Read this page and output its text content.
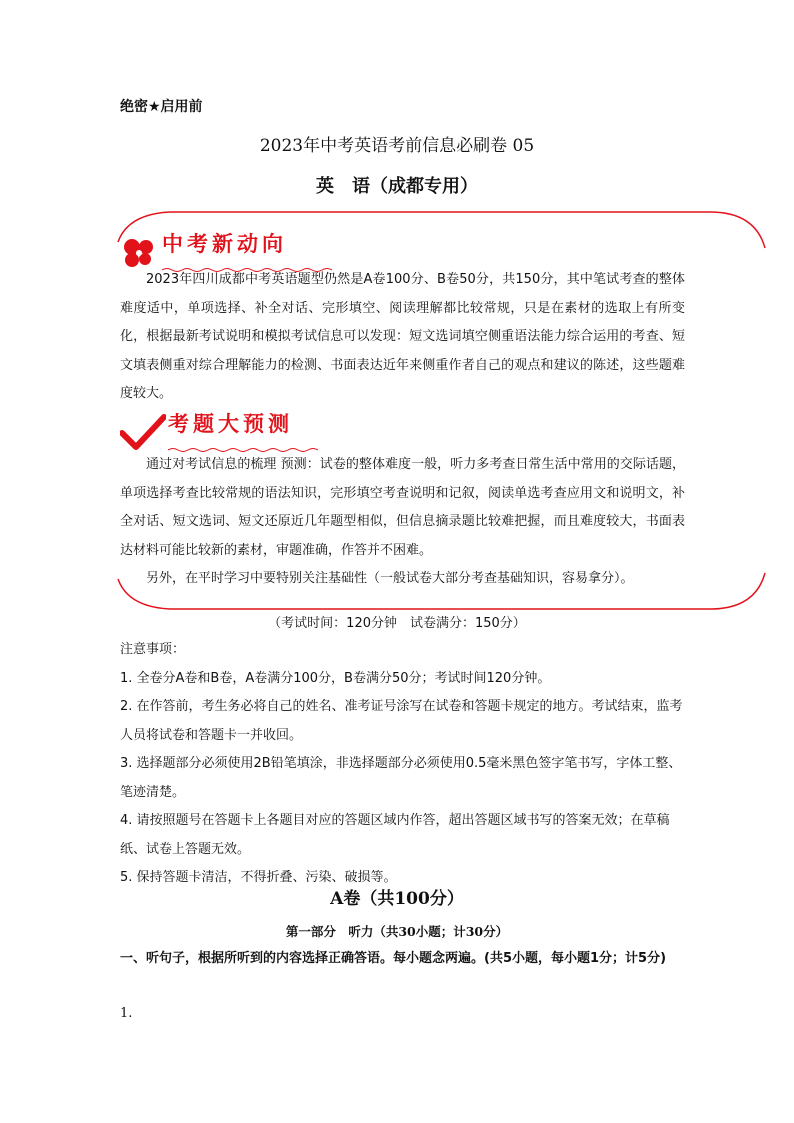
绝密★启用前
2023年中考英语考前信息必刷卷 05
英　语（成都专用）
中考新动向

2023年四川成都中考英语题型仍然是A卷100分、B卷50分，共150分，其中笔试考查的整体难度适中，单项选择、补全对话、完形填空、阅读理解都比较常规，只是在素材的选取上有所变化，根据最新考试说明和模拟考试信息可以发现：短文选词填空侧重语法能力综合运用的考查、短文填表侧重对综合理解能力的检测、书面表达近年来侧重作者自己的观点和建议的陈述，这些题难度较大。

考题大预测

通过对考试信息的梳理 预测：试卷的整体难度一般，听力多考查日常生活中常用的交际话题，单项选择考查比较常规的语法知识，完形填空考查说明和记叙，阅读单选考查应用文和说明文，补全对话、短文选词、短文还原近几年题型相似，但信息摘录题比较难把握，而且难度较大，书面表达材料可能比较新的素材，审题准确，作答并不困难。

另外，在平时学习中要特别关注基础性（一般试卷大部分考查基础知识，容易拿分）。

（考试时间：120分钟　试卷满分：150分）
注意事项：
1. 全卷分A卷和B卷，A卷满分100分，B卷满分50分；考试时间120分钟。
2. 在作答前，考生务必将自己的姓名、准考证号涂写在试卷和答题卡规定的地方。考试结束，监考人员将试卷和答题卡一并收回。
3. 选择题部分必须使用2B铅笔填涂，非选择题部分必须使用0.5毫米黑色签字笔书写，字体工整、笔迹清楚。
4. 请按照题号在答题卡上各题目对应的答题区域内作答，超出答题区域书写的答案无效；在草稿纸、试卷上答题无效。
5. 保持答题卡清洁，不得折叠、污染、破损等。
A卷（共100分）
第一部分　听力（共30小题；计30分）
一、听句子，根据所听到的内容选择正确答语。每小题念两遍。(共5小题，每小题1分；计5分)
1.
